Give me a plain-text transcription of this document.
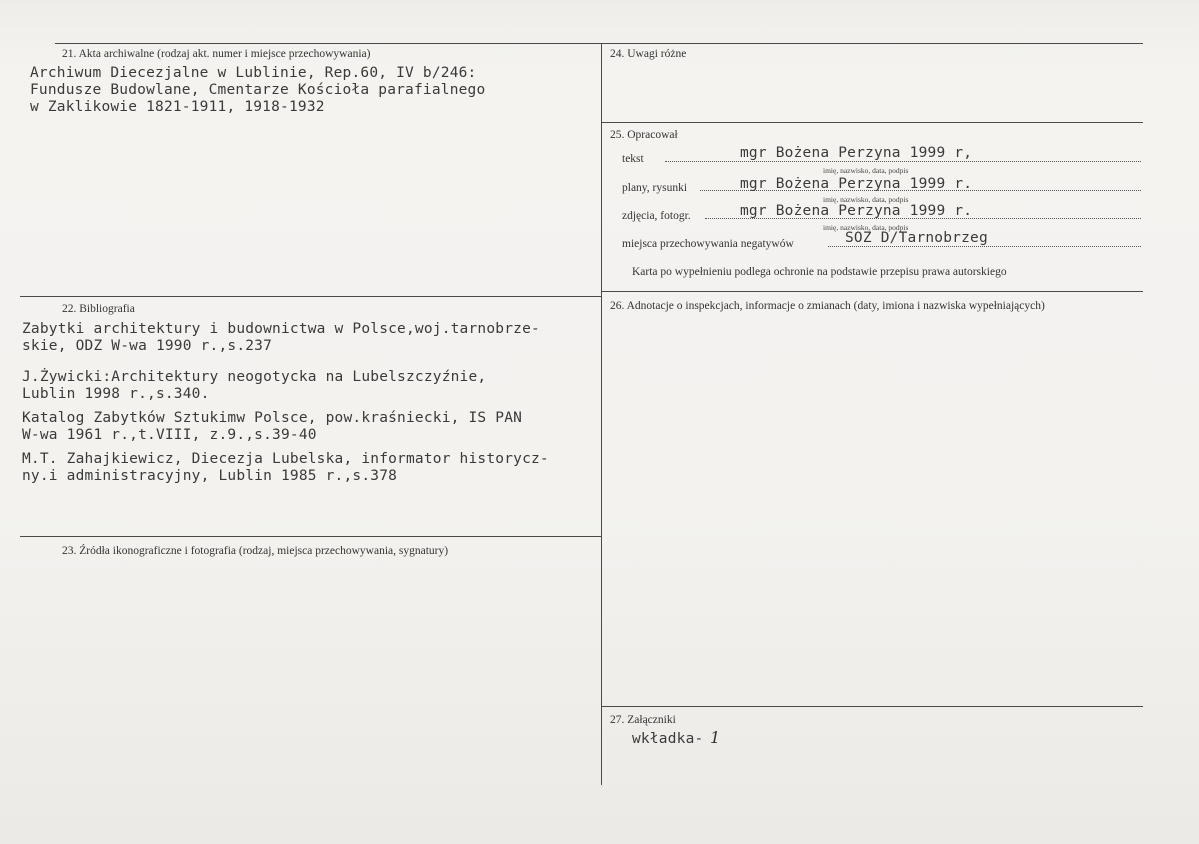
21. Akta archiwalne (rodzaj akt. numer i miejsce przechowywania)
Archiwum Diecezjalne w Lublinie, Rep.60, IV b/246:
Fundusze Budowlane, Cmentarze Kościoła parafialnego
w Zaklikowie 1821-1911, 1918-1932
22. Bibliografia
Zabytki architektury i budownictwa w Polsce,woj.tarnobrze-
skie, ODZ W-wa 1990 r.,s.237
J.Żywicki:Architektury neogotycka na Lubelszczyźnie,
Lublin 1998 r.,s.340.
Katalog Zabytków Sztukimw Polsce, pow.kraśniecki, IS PAN
W-wa 1961 r.,t.VIII, z.9.,s.39-40
M.T. Zahajkiewicz, Diecezja Lubelska, informator historycz-
ny.i administracyjny, Lublin 1985 r.,s.378
23. Źródła ikonograficzne i fotografia (rodzaj, miejsca przechowywania, sygnatury)
24. Uwagi różne
25. Opracował
tekst	mgr Bożena Perzyna 1999 r,
imię, nazwisko, data, podpis
plany, rysunki	mgr Bożena Perzyna 1999 r.
imię, nazwisko, data, podpis
zdjęcia, fotogr.	mgr Bożena Perzyna 1999 r.
imię, nazwisko, data, podpis
miejsca przechowywania negatywów	SOZ D/Tarnobrzeg
Karta po wypełnieniu podlega ochronie na podstawie przepisu prawa autorskiego
26. Adnotacje o inspekcjach, informacje o zmianach (daty, imiona i nazwiska wypełniających)
27. Załączniki
wkładka- 1
